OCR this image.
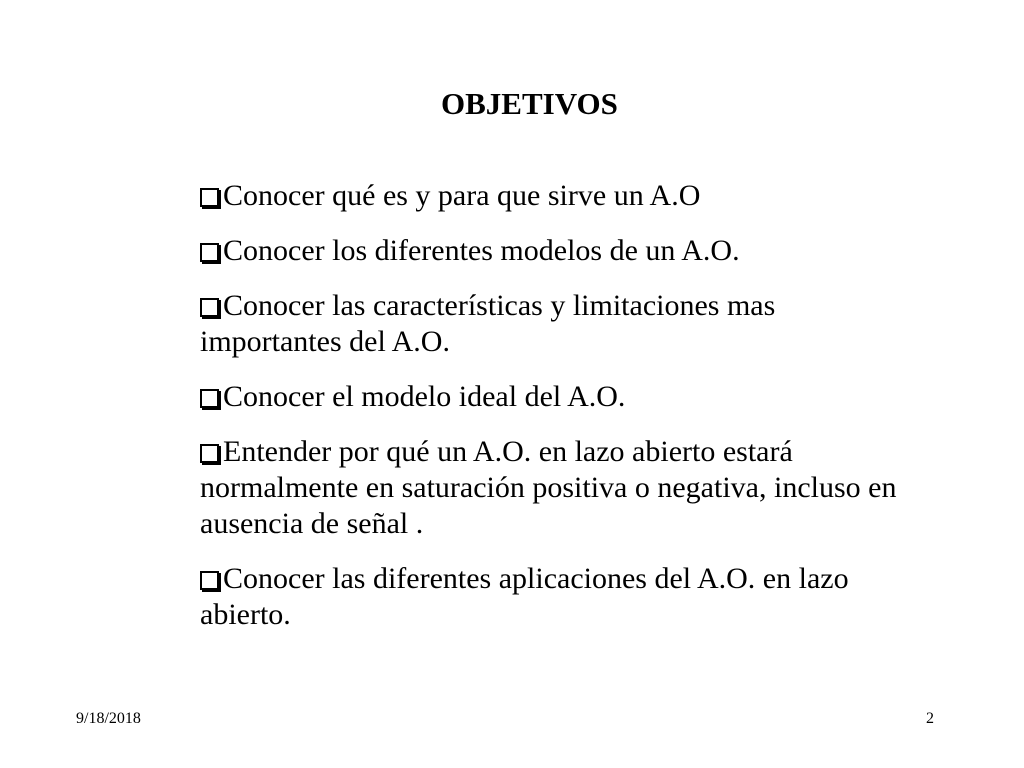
OBJETIVOS
Conocer qué es y para que sirve un A.O
Conocer los diferentes modelos de un A.O.
Conocer las características y limitaciones mas importantes del A.O.
Conocer el modelo ideal del A.O.
Entender por qué un A.O. en lazo abierto estará normalmente en saturación positiva o negativa, incluso en ausencia de señal .
Conocer las diferentes aplicaciones del A.O. en lazo abierto.
9/18/2018	2
